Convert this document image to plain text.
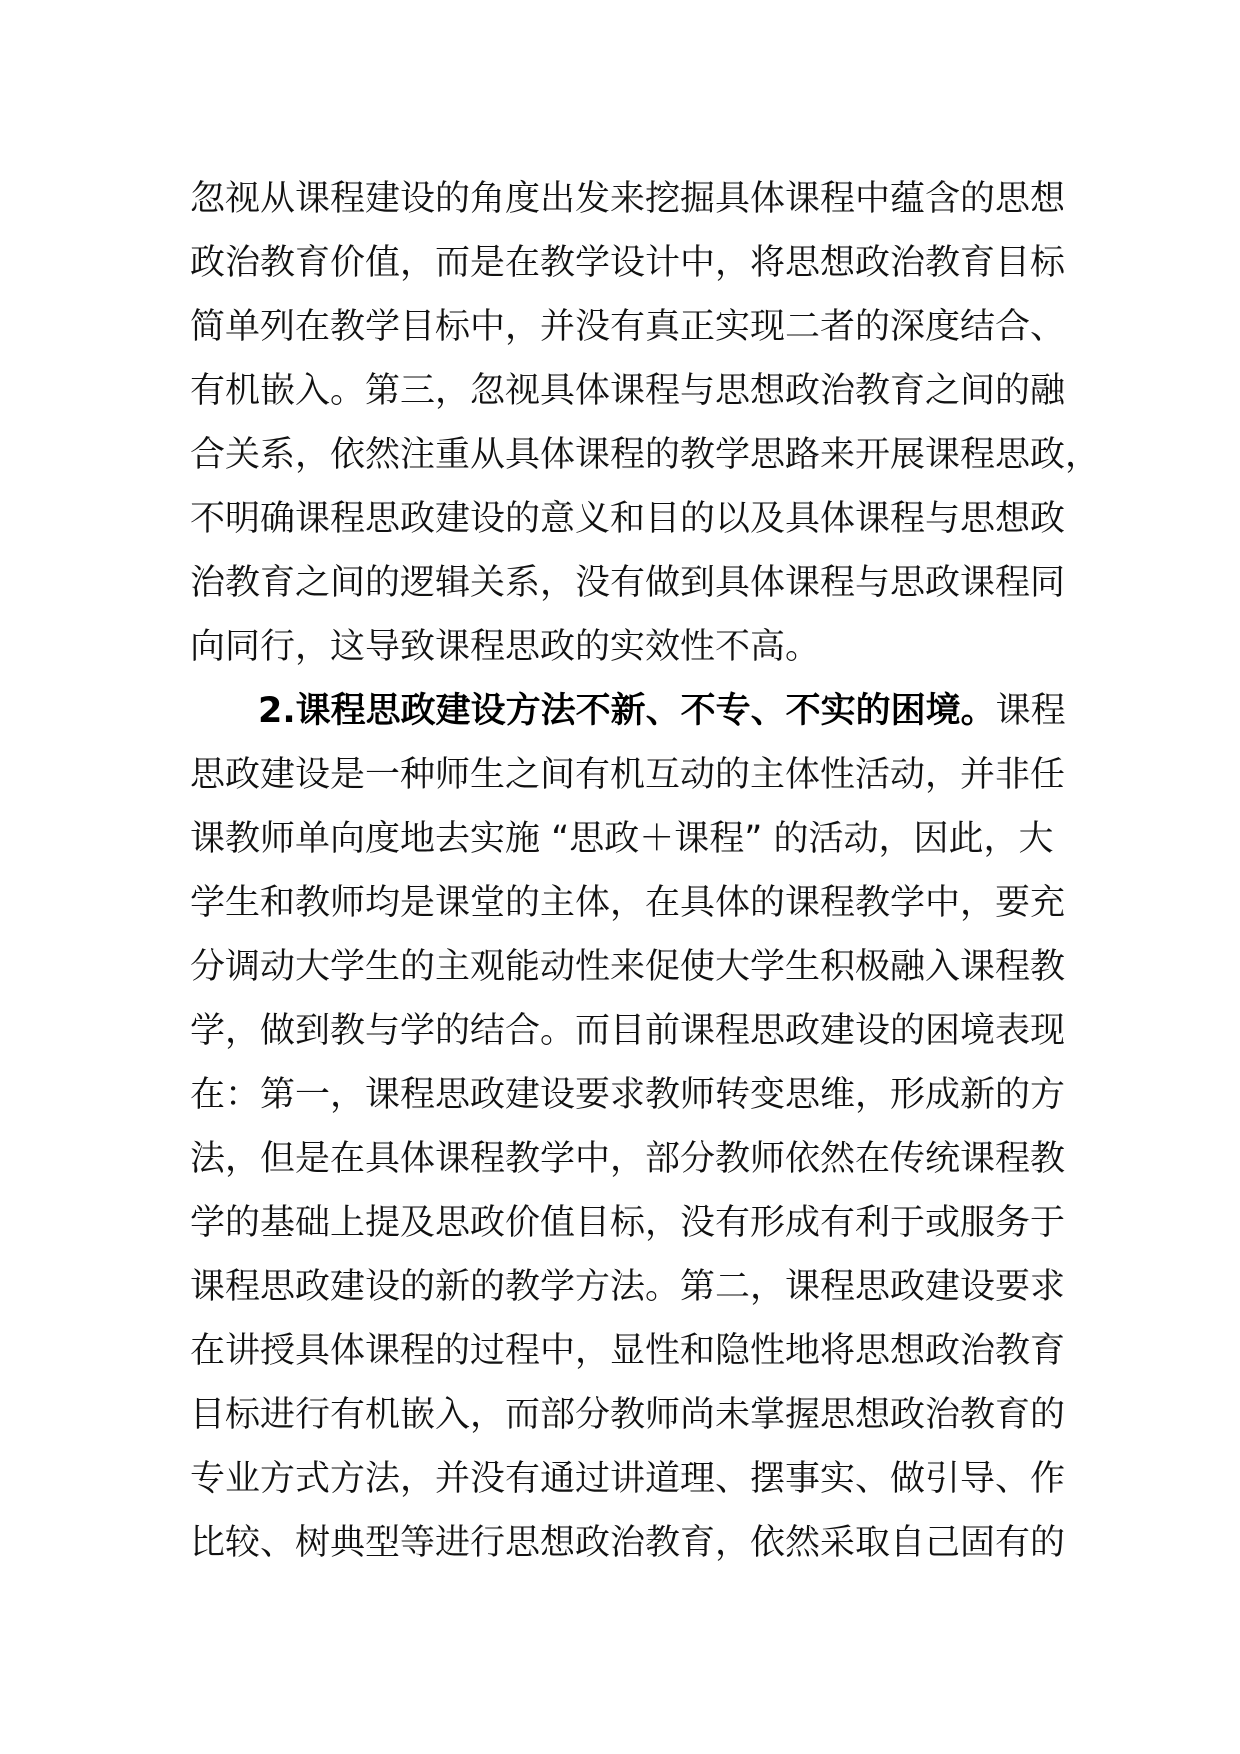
忽视从课程建设的角度出发来挖掘具体课程中蕴含的思想
政治教育价值，而是在教学设计中，将思想政治教育目标
简单列在教学目标中，并没有真正实现二者的深度结合、
有机嵌入。第三，忽视具体课程与思想政治教育之间的融
合关系，依然注重从具体课程的教学思路来开展课程思政，
不明确课程思政建设的意义和目的以及具体课程与思想政
治教育之间的逻辑关系，没有做到具体课程与思政课程同
向同行，这导致课程思政的实效性不高。
2.课程思政建设方法不新、不专、不实的困境。课程
思政建设是一种师生之间有机互动的主体性活动，并非任
课教师单向度地去实施 “思政＋课程” 的活动，因此，大
学生和教师均是课堂的主体，在具体的课程教学中，要充
分调动大学生的主观能动性来促使大学生积极融入课程教
学，做到教与学的结合。而目前课程思政建设的困境表现
在：第一，课程思政建设要求教师转变思维，形成新的方
法，但是在具体课程教学中，部分教师依然在传统课程教
学的基础上提及思政价值目标，没有形成有利于或服务于
课程思政建设的新的教学方法。第二，课程思政建设要求
在讲授具体课程的过程中，显性和隐性地将思想政治教育
目标进行有机嵌入，而部分教师尚未掌握思想政治教育的
专业方式方法，并没有通过讲道理、摆事实、做引导、作
比较、树典型等进行思想政治教育，依然采取自己固有的
